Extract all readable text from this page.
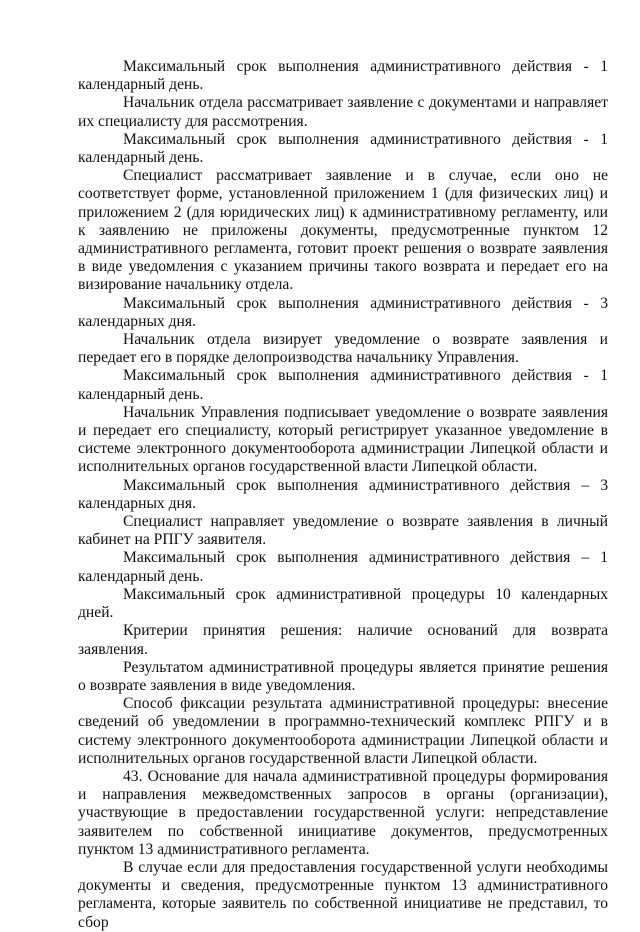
Максимальный срок выполнения административного действия - 1 календарный день.

Начальник отдела рассматривает заявление с документами и направляет их специалисту для рассмотрения.

Максимальный срок выполнения административного действия - 1 календарный день.

Специалист рассматривает заявление и в случае, если оно не соответствует форме, установленной приложением 1 (для физических лиц) и приложением 2 (для юридических лиц) к административному регламенту, или к заявлению не приложены документы, предусмотренные пунктом 12 административного регламента, готовит проект решения о возврате заявления в виде уведомления с указанием причины такого возврата и передает его на визирование начальнику отдела.

Максимальный срок выполнения административного действия - 3 календарных дня.

Начальник отдела визирует уведомление о возврате заявления и передает его в порядке делопроизводства начальнику Управления.

Максимальный срок выполнения административного действия - 1 календарный день.

Начальник Управления подписывает уведомление о возврате заявления и передает его специалисту, который регистрирует указанное уведомление в системе электронного документооборота администрации Липецкой области и исполнительных органов государственной власти Липецкой области.

Максимальный срок выполнения административного действия – 3 календарных дня.

Специалист направляет уведомление о возврате заявления в личный кабинет на РПГУ заявителя.

Максимальный срок выполнения административного действия – 1 календарный день.

Максимальный срок административной процедуры 10 календарных дней.

Критерии принятия решения: наличие оснований для возврата заявления.

Результатом административной процедуры является принятие решения о возврате заявления в виде уведомления.

Способ фиксации результата административной процедуры: внесение сведений об уведомлении в программно-технический комплекс РПГУ и в систему электронного документооборота администрации Липецкой области и исполнительных органов государственной власти Липецкой области.

43. Основание для начала административной процедуры формирования и направления межведомственных запросов в органы (организации), участвующие в предоставлении государственной услуги: непредставление заявителем по собственной инициативе документов, предусмотренных пунктом 13 административного регламента.

В случае если для предоставления государственной услуги необходимы документы и сведения, предусмотренные пунктом 13 административного регламента, которые заявитель по собственной инициативе не представил, то сбор
